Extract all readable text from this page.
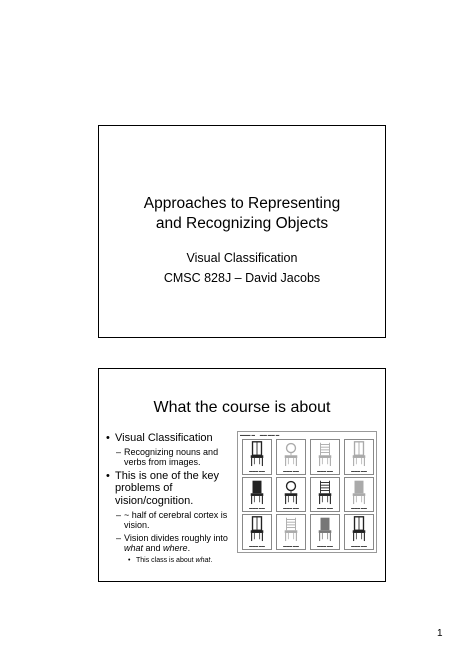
Approaches to Representing
and Recognizing Objects
Visual Classification
CMSC 828J – David Jacobs
What the course is about
• Visual Classification
– Recognizing nouns and verbs from images.
• This is one of the key problems of vision/cognition.
– ~ half of cerebral cortex is vision.
– Vision divides roughly into what and where.
• This class is about what.
▬▬▬ ▬     ▬▬ ▬▬ ▬
▬▬▬ ▬▬	▬▬▬ ▬▬	▬▬▬ ▬▬	▬▬▬ ▬▬
▬▬▬ ▬▬	▬▬▬ ▬▬	▬▬▬ ▬▬	▬▬▬ ▬▬
▬▬▬ ▬▬	▬▬▬ ▬▬	▬▬▬ ▬▬	▬▬▬ ▬▬
1
